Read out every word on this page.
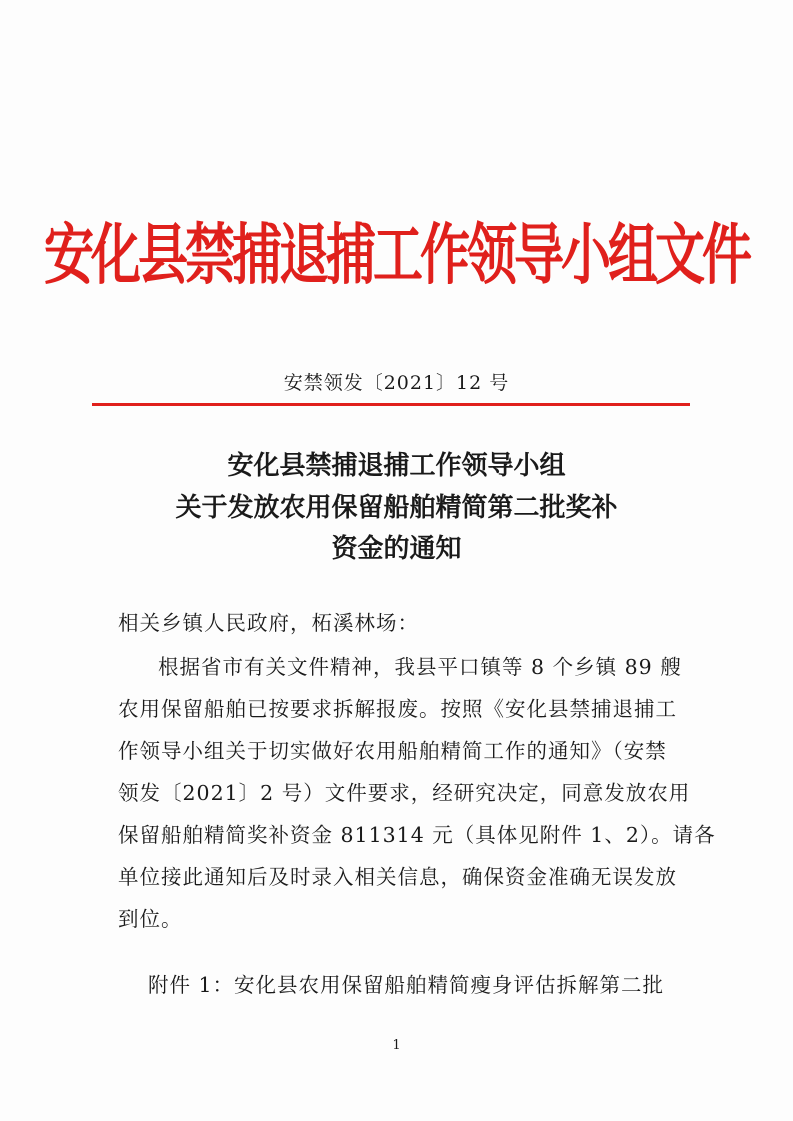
安化县禁捕退捕工作领导小组文件
安禁领发〔2021〕12 号
安化县禁捕退捕工作领导小组
关于发放农用保留船舶精简第二批奖补
资金的通知
相关乡镇人民政府，柘溪林场：
根据省市有关文件精神，我县平口镇等 8 个乡镇 89 艘
农用保留船舶已按要求拆解报废。按照《安化县禁捕退捕工
作领导小组关于切实做好农用船舶精简工作的通知》（安禁
领发〔2021〕2 号）文件要求，经研究决定，同意发放农用
保留船舶精简奖补资金 811314 元（具体见附件 1、2）。请各
单位接此通知后及时录入相关信息，确保资金准确无误发放
到位。
附件 1：安化县农用保留船舶精简瘦身评估拆解第二批
1
